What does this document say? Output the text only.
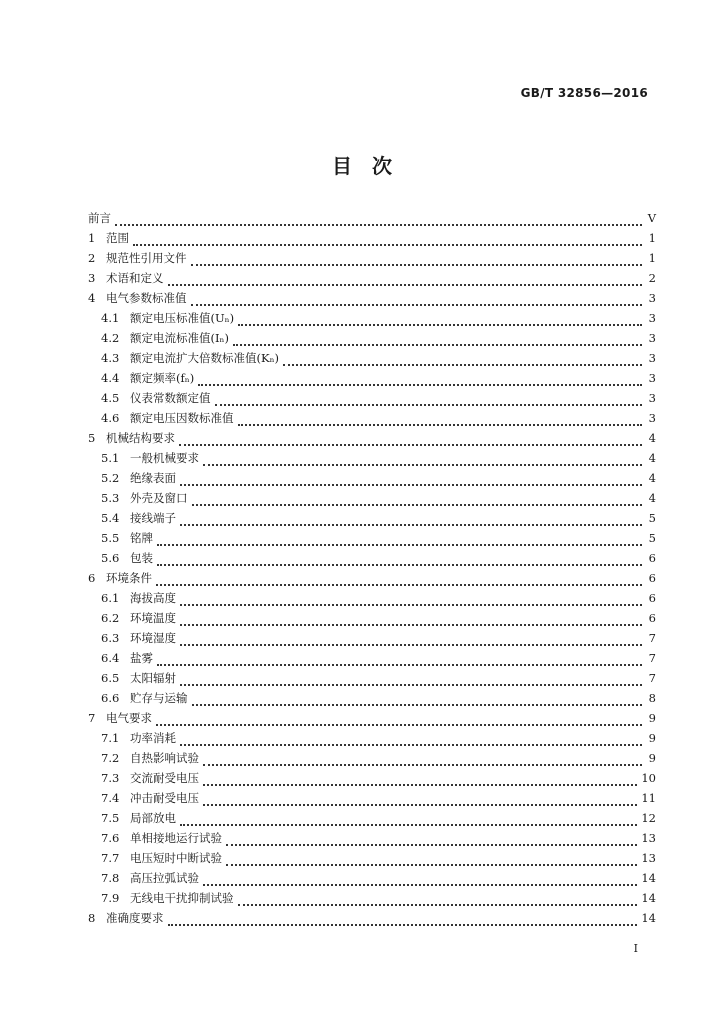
GB/T 32856—2016
目　次
前言	V
1 范围	1
2 规范性引用文件	1
3 术语和定义	2
4 电气参数标准值	3
4.1 额定电压标准值(Uₙ)	3
4.2 额定电流标准值(Iₙ)	3
4.3 额定电流扩大倍数标准值(Kₙ)	3
4.4 额定频率(fₙ)	3
4.5 仪表常数额定值	3
4.6 额定电压因数标准值	3
5 机械结构要求	4
5.1 一般机械要求	4
5.2 绝缘表面	4
5.3 外壳及窗口	4
5.4 接线端子	5
5.5 铭牌	5
5.6 包装	6
6 环境条件	6
6.1 海拔高度	6
6.2 环境温度	6
6.3 环境湿度	7
6.4 盐雾	7
6.5 太阳辐射	7
6.6 贮存与运输	8
7 电气要求	9
7.1 功率消耗	9
7.2 自热影响试验	9
7.3 交流耐受电压	10
7.4 冲击耐受电压	11
7.5 局部放电	12
7.6 单相接地运行试验	13
7.7 电压短时中断试验	13
7.8 高压拉弧试验	14
7.9 无线电干扰抑制试验	14
8 准确度要求	14
I
